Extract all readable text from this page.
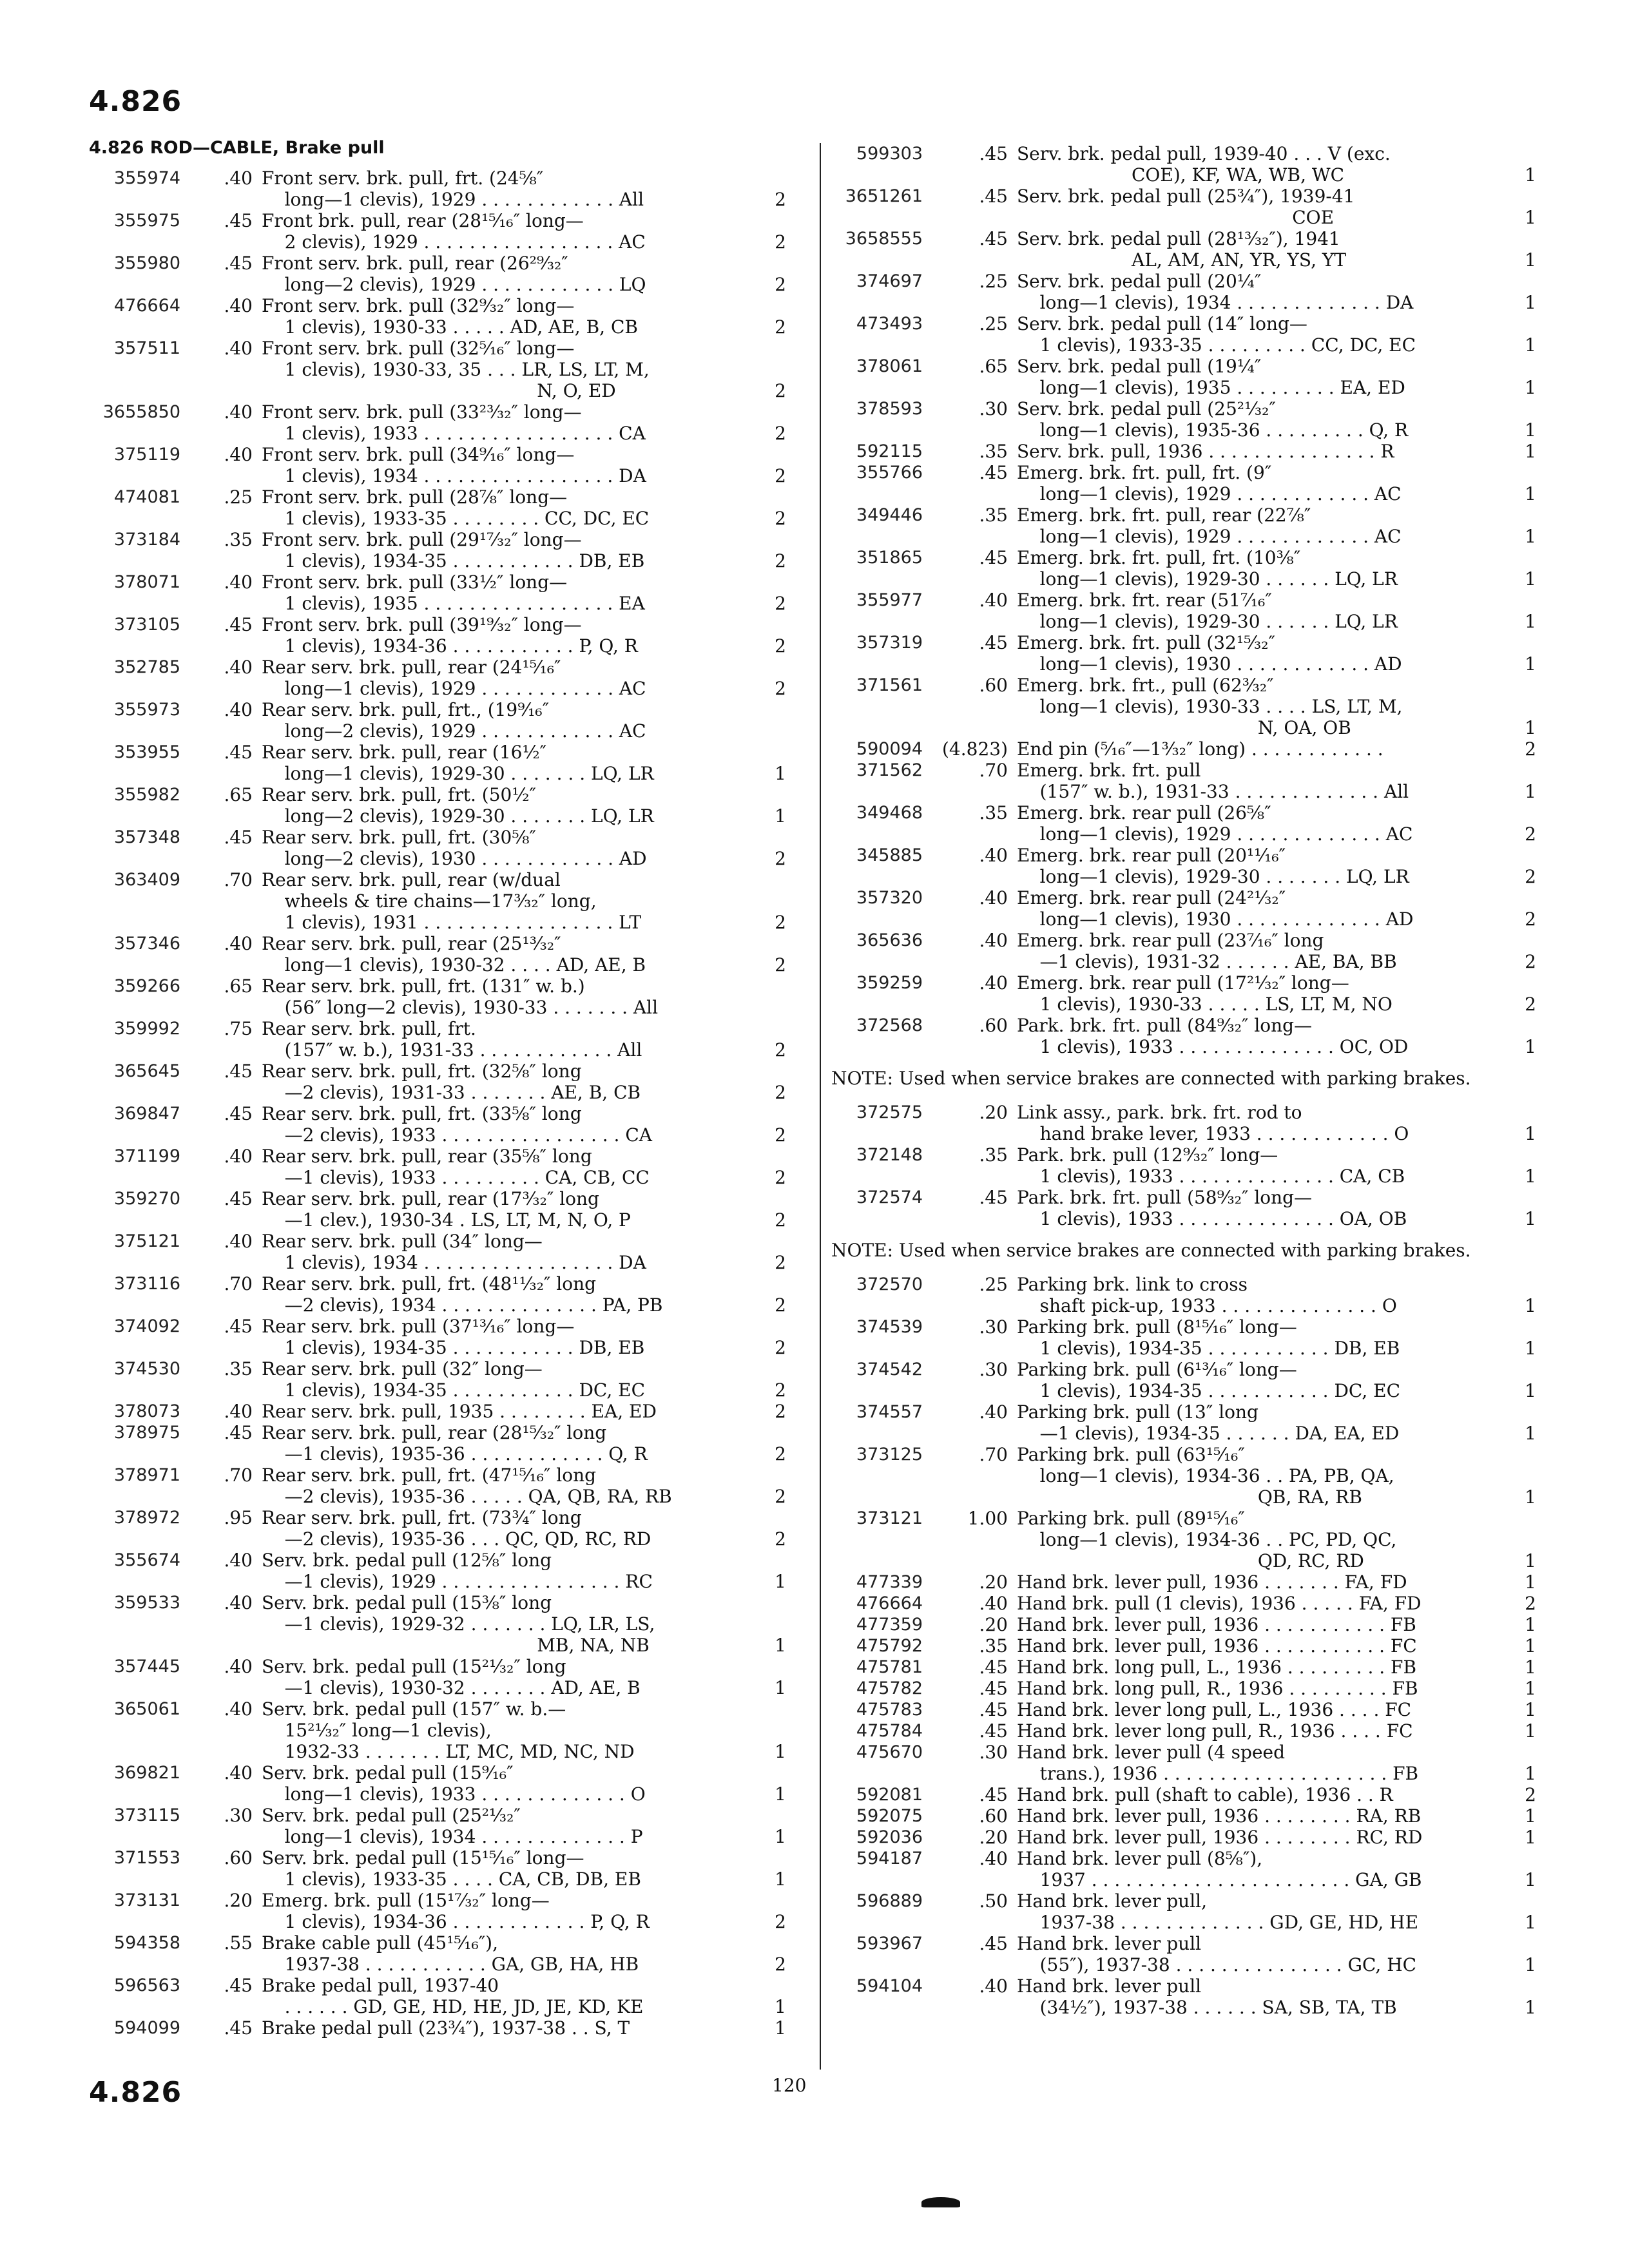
4.826
4.826 ROD—CABLE, Brake pull
355974	.40 Front serv. brk. pull, frt. (24⅝″
long—1 clevis), 1929 . . . . . . . . . . . . All	2
355975	.45 Front brk. pull, rear (28¹⁵⁄₁₆″ long—
2 clevis), 1929 . . . . . . . . . . . . . . . . . AC	2
355980	.45 Front serv. brk. pull, rear (26²⁹⁄₃₂″
long—2 clevis), 1929 . . . . . . . . . . . . LQ	2
476664	.40 Front serv. brk. pull (32⁹⁄₃₂″ long—
1 clevis), 1930-33 . . . . . AD, AE, B, CB	2
357511	.40 Front serv. brk. pull (32⁵⁄₁₆″ long—
1 clevis), 1930-33, 35 . . . LR, LS, LT, M,
N, O, ED	2
3655850	.40 Front serv. brk. pull (33²³⁄₃₂″ long—
1 clevis), 1933 . . . . . . . . . . . . . . . . . CA	2
375119	.40 Front serv. brk. pull (34⁹⁄₁₆″ long—
1 clevis), 1934 . . . . . . . . . . . . . . . . . DA	2
474081	.25 Front serv. brk. pull (28⅞″ long—
1 clevis), 1933-35 . . . . . . . . CC, DC, EC	2
373184	.35 Front serv. brk. pull (29¹⁷⁄₃₂″ long—
1 clevis), 1934-35 . . . . . . . . . . . DB, EB	2
378071	.40 Front serv. brk. pull (33½″ long—
1 clevis), 1935 . . . . . . . . . . . . . . . . . EA	2
373105	.45 Front serv. brk. pull (39¹⁹⁄₃₂″ long—
1 clevis), 1934-36 . . . . . . . . . . . P, Q, R	2
352785	.40 Rear serv. brk. pull, rear (24¹⁵⁄₁₆″
long—1 clevis), 1929 . . . . . . . . . . . . AC	2
355973	.40 Rear serv. brk. pull, frt., (19⁹⁄₁₆″
long—2 clevis), 1929 . . . . . . . . . . . . AC
353955	.45 Rear serv. brk. pull, rear (16½″
long—1 clevis), 1929-30 . . . . . . . LQ, LR	1
355982	.65 Rear serv. brk. pull, frt. (50½″
long—2 clevis), 1929-30 . . . . . . . LQ, LR	1
357348	.45 Rear serv. brk. pull, frt. (30⅝″
long—2 clevis), 1930 . . . . . . . . . . . . AD	2
363409	.70 Rear serv. brk. pull, rear (w/dual
wheels & tire chains—17³⁄₃₂″ long,
1 clevis), 1931 . . . . . . . . . . . . . . . . . LT	2
357346	.40 Rear serv. brk. pull, rear (25¹³⁄₃₂″
long—1 clevis), 1930-32 . . . . AD, AE, B	2
359266	.65 Rear serv. brk. pull, frt. (131″ w. b.)
(56″ long—2 clevis), 1930-33 . . . . . . . All
359992	.75 Rear serv. brk. pull, frt.
(157″ w. b.), 1931-33 . . . . . . . . . . . . All	2
365645	.45 Rear serv. brk. pull, frt. (32⅝″ long
—2 clevis), 1931-33 . . . . . . . AE, B, CB	2
369847	.45 Rear serv. brk. pull, frt. (33⅝″ long
—2 clevis), 1933 . . . . . . . . . . . . . . . . CA	2
371199	.40 Rear serv. brk. pull, rear (35⅝″ long
—1 clevis), 1933 . . . . . . . . . CA, CB, CC	2
359270	.45 Rear serv. brk. pull, rear (17³⁄₃₂″ long
—1 clev.), 1930-34 . LS, LT, M, N, O, P	2
375121	.40 Rear serv. brk. pull (34″ long—
1 clevis), 1934 . . . . . . . . . . . . . . . . . DA	2
373116	.70 Rear serv. brk. pull, frt. (48¹¹⁄₃₂″ long
—2 clevis), 1934 . . . . . . . . . . . . . . PA, PB	2
374092	.45 Rear serv. brk. pull (37¹³⁄₁₆″ long—
1 clevis), 1934-35 . . . . . . . . . . . DB, EB	2
374530	.35 Rear serv. brk. pull (32″ long—
1 clevis), 1934-35 . . . . . . . . . . . DC, EC	2
378073	.40 Rear serv. brk. pull, 1935 . . . . . . . . EA, ED	2
378975	.45 Rear serv. brk. pull, rear (28¹⁵⁄₃₂″ long
—1 clevis), 1935-36 . . . . . . . . . . . . Q, R	2
378971	.70 Rear serv. brk. pull, frt. (47¹⁵⁄₁₆″ long
—2 clevis), 1935-36 . . . . . QA, QB, RA, RB	2
378972	.95 Rear serv. brk. pull, frt. (73¾″ long
—2 clevis), 1935-36 . . . QC, QD, RC, RD	2
355674	.40 Serv. brk. pedal pull (12⅝″ long
—1 clevis), 1929 . . . . . . . . . . . . . . . . RC	1
359533	.40 Serv. brk. pedal pull (15⅜″ long
—1 clevis), 1929-32 . . . . . . . LQ, LR, LS,
MB, NA, NB	1
357445	.40 Serv. brk. pedal pull (15²¹⁄₃₂″ long
—1 clevis), 1930-32 . . . . . . . AD, AE, B	1
365061	.40 Serv. brk. pedal pull (157″ w. b.—
15²¹⁄₃₂″ long—1 clevis),
1932-33 . . . . . . . LT, MC, MD, NC, ND	1
369821	.40 Serv. brk. pedal pull (15⁹⁄₁₆″
long—1 clevis), 1933 . . . . . . . . . . . . . O	1
373115	.30 Serv. brk. pedal pull (25²¹⁄₃₂″
long—1 clevis), 1934 . . . . . . . . . . . . . P	1
371553	.60 Serv. brk. pedal pull (15¹⁵⁄₁₆″ long—
1 clevis), 1933-35 . . . . CA, CB, DB, EB	1
373131	.20 Emerg. brk. pull (15¹⁷⁄₃₂″ long—
1 clevis), 1934-36 . . . . . . . . . . . . P, Q, R	2
594358	.55 Brake cable pull (45¹⁵⁄₁₆″),
1937-38 . . . . . . . . . . . GA, GB, HA, HB	2
596563	.45 Brake pedal pull, 1937-40
. . . . . . GD, GE, HD, HE, JD, JE, KD, KE	1
594099	.45 Brake pedal pull (23¾″), 1937-38 . . S, T	1
599303	.45 Serv. brk. pedal pull, 1939-40 . . . V (exc.
COE), KF, WA, WB, WC	1
3651261	.45 Serv. brk. pedal pull (25¾″), 1939-41
COE	1
3658555	.45 Serv. brk. pedal pull (28¹³⁄₃₂″), 1941
AL, AM, AN, YR, YS, YT	1
374697	.25 Serv. brk. pedal pull (20¼″
long—1 clevis), 1934 . . . . . . . . . . . . . DA	1
473493	.25 Serv. brk. pedal pull (14″ long—
1 clevis), 1933-35 . . . . . . . . . CC, DC, EC	1
378061	.65 Serv. brk. pedal pull (19¼″
long—1 clevis), 1935 . . . . . . . . . EA, ED	1
378593	.30 Serv. brk. pedal pull (25²¹⁄₃₂″
long—1 clevis), 1935-36 . . . . . . . . . Q, R	1
592115	.35 Serv. brk. pull, 1936 . . . . . . . . . . . . . . . R	1
355766	.45 Emerg. brk. frt. pull, frt. (9″
long—1 clevis), 1929 . . . . . . . . . . . . AC	1
349446	.35 Emerg. brk. frt. pull, rear (22⅞″
long—1 clevis), 1929 . . . . . . . . . . . . AC	1
351865	.45 Emerg. brk. frt. pull, frt. (10⅜″
long—1 clevis), 1929-30 . . . . . . LQ, LR	1
355977	.40 Emerg. brk. frt. rear (51⁷⁄₁₆″
long—1 clevis), 1929-30 . . . . . . LQ, LR	1
357319	.45 Emerg. brk. frt. pull (32¹⁵⁄₃₂″
long—1 clevis), 1930 . . . . . . . . . . . . AD	1
371561	.60 Emerg. brk. frt., pull (62³⁄₃₂″
long—1 clevis), 1930-33 . . . . LS, LT, M,
N, OA, OB	1
590094	(4.823) End pin (⁵⁄₁₆″—1³⁄₃₂″ long) . . . . . . . . . . . .	2
371562	.70 Emerg. brk. frt. pull
(157″ w. b.), 1931-33 . . . . . . . . . . . . . All	1
349468	.35 Emerg. brk. rear pull (26⅝″
long—1 clevis), 1929 . . . . . . . . . . . . . AC	2
345885	.40 Emerg. brk. rear pull (20¹¹⁄₁₆″
long—1 clevis), 1929-30 . . . . . . . LQ, LR	2
357320	.40 Emerg. brk. rear pull (24²¹⁄₃₂″
long—1 clevis), 1930 . . . . . . . . . . . . . AD	2
365636	.40 Emerg. brk. rear pull (23⁷⁄₁₆″ long
—1 clevis), 1931-32 . . . . . . AE, BA, BB	2
359259	.40 Emerg. brk. rear pull (17²¹⁄₃₂″ long—
1 clevis), 1930-33 . . . . . LS, LT, M, NO	2
372568	.60 Park. brk. frt. pull (84⁹⁄₃₂″ long—
1 clevis), 1933 . . . . . . . . . . . . . . OC, OD	1
NOTE: Used when service brakes are connected with parking brakes.
372575	.20 Link assy., park. brk. frt. rod to
hand brake lever, 1933 . . . . . . . . . . . . O	1
372148	.35 Park. brk. pull (12⁹⁄₃₂″ long—
1 clevis), 1933 . . . . . . . . . . . . . . CA, CB	1
372574	.45 Park. brk. frt. pull (58⁹⁄₃₂″ long—
1 clevis), 1933 . . . . . . . . . . . . . . OA, OB	1
NOTE: Used when service brakes are connected with parking brakes.
372570	.25 Parking brk. link to cross
shaft pick-up, 1933 . . . . . . . . . . . . . . O	1
374539	.30 Parking brk. pull (8¹⁵⁄₁₆″ long—
1 clevis), 1934-35 . . . . . . . . . . . DB, EB	1
374542	.30 Parking brk. pull (6¹³⁄₁₆″ long—
1 clevis), 1934-35 . . . . . . . . . . . DC, EC	1
374557	.40 Parking brk. pull (13″ long
—1 clevis), 1934-35 . . . . . . DA, EA, ED	1
373125	.70 Parking brk. pull (63¹⁵⁄₁₆″
long—1 clevis), 1934-36 . . PA, PB, QA,
QB, RA, RB	1
373121	1.00 Parking brk. pull (89¹⁵⁄₁₆″
long—1 clevis), 1934-36 . . PC, PD, QC,
QD, RC, RD	1
477339	.20 Hand brk. lever pull, 1936 . . . . . . . FA, FD	1
476664	.40 Hand brk. pull (1 clevis), 1936 . . . . . FA, FD	2
477359	.20 Hand brk. lever pull, 1936 . . . . . . . . . . . FB	1
475792	.35 Hand brk. lever pull, 1936 . . . . . . . . . . . FC	1
475781	.45 Hand brk. long pull, L., 1936 . . . . . . . . . FB	1
475782	.45 Hand brk. long pull, R., 1936 . . . . . . . . . FB	1
475783	.45 Hand brk. lever long pull, L., 1936 . . . . FC	1
475784	.45 Hand brk. lever long pull, R., 1936 . . . . FC	1
475670	.30 Hand brk. lever pull (4 speed
trans.), 1936 . . . . . . . . . . . . . . . . . . . . FB	1
592081	.45 Hand brk. pull (shaft to cable), 1936 . . R	2
592075	.60 Hand brk. lever pull, 1936 . . . . . . . . RA, RB	1
592036	.20 Hand brk. lever pull, 1936 . . . . . . . . RC, RD	1
594187	.40 Hand brk. lever pull (8⅝″),
1937 . . . . . . . . . . . . . . . . . . . . . . . GA, GB	1
596889	.50 Hand brk. lever pull,
1937-38 . . . . . . . . . . . . . GD, GE, HD, HE	1
593967	.45 Hand brk. lever pull
(55″), 1937-38 . . . . . . . . . . . . . . . GC, HC	1
594104	.40 Hand brk. lever pull
(34½″), 1937-38 . . . . . . SA, SB, TA, TB	1
4.826	120
